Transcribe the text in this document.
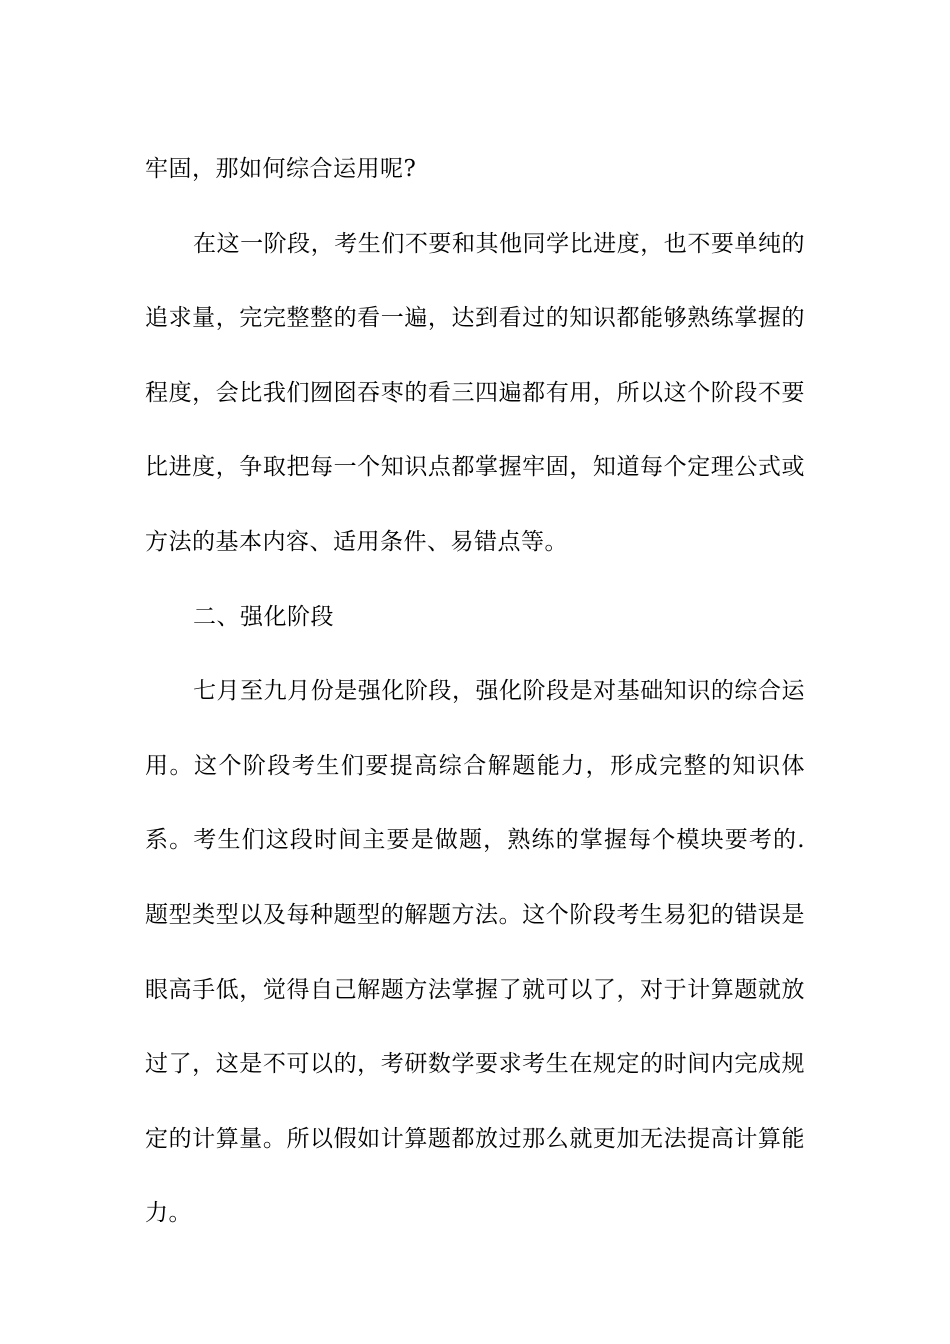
牢固，那如何综合运用呢?

在这一阶段，考生们不要和其他同学比进度，也不要单纯的追求量，完完整整的看一遍，达到看过的知识都能够熟练掌握的程度，会比我们囫囵吞枣的看三四遍都有用，所以这个阶段不要比进度，争取把每一个知识点都掌握牢固，知道每个定理公式或方法的基本内容、适用条件、易错点等。

二、强化阶段

七月至九月份是强化阶段，强化阶段是对基础知识的综合运用。这个阶段考生们要提高综合解题能力，形成完整的知识体系。考生们这段时间主要是做题，熟练的掌握每个模块要考的.题型类型以及每种题型的解题方法。这个阶段考生易犯的错误是眼高手低，觉得自己解题方法掌握了就可以了，对于计算题就放过了，这是不可以的，考研数学要求考生在规定的时间内完成规定的计算量。所以假如计算题都放过那么就更加无法提高计算能力。
